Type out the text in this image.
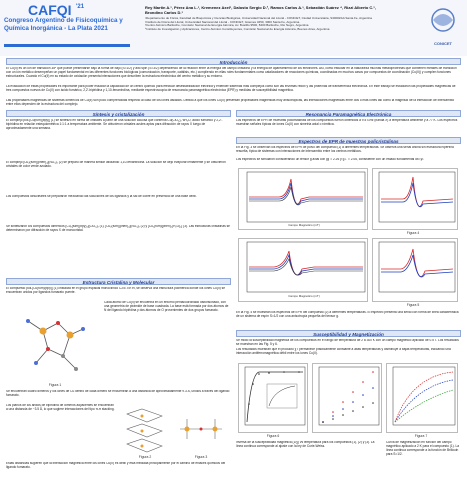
CAFQI '21
Congreso Argentino de Fisicoquímica y
Química Inorgánica - La Plata 2021
Rey Martin A.¹, Pérez Ana L.¹, Kremenez Axel¹, Dalosto Sergio D.², Ramos Carlos A.³, Sebastián Suárez ⁴, Rizzi Alberto C.¹,
Brondino Carlos D.¹
¹Departamento de Física, Facultad de Bioquímica y Ciencias Biológicas, Universidad Nacional del Litoral - CONICET, Ciudad Universitaria, S3000ZAA Santa Fe, Argentina
²Instituto de Física del Litoral, Universidad Nacional del Litoral - CONICET, Güemes 3450, 3000 Santa Fe, Argentina
³Centro Atómico Bariloche, Comisión Nacional de Energía Atómica, Av. Bustillo 9500, 8400 Bariloche, Río Negro, Argentina
⁴Instituto de Investigación y Aplicaciones, Centro Atómico Constituyentes, Comisión Nacional de Energía Atómica, Buenos Aires, Argentina
CONICET
Introducción

El Cu(II) es un ión de transición 3d⁹ que puede presentarse bajo la forma de bajo (S=1/2) y alto spin (S=3/2) dependiendo de la relación entre la energía del campo cristalino y la energía de apareamiento de los electrones. Así, como estudiar en la naturaleza muchas metaloproteínas que contienen metales de transición con un ión metálico desempeñan un papel fundamental en las diferentes funciones biológicas (comunicación, transporte, catálisis, etc.) cumpliendo en ellas roles fundamentales como catalizadores de reacciones químicas, coordinadas en muchos casos por compuestos de coordinación (Cu(II)) y cumplen funciones estructurales. Cuando el Cu(II) en su estado de oxidación presenta interacciones que describen la estructura electrónica del centro metálico y su entorno.

La evaluación de estas propiedades es importante para poder estudiar la capacidad de un centro químico para efectuar desestabilización eléctrica y entender sistemas más complejos como son las enzimas redox y las proteínas de transferencia electrónica. En este trabajo se estudiaron las propiedades magnéticas de tres compuestos nuevos de Cu(II) con ácido fumárico, 2,2'-bipiridina y 1,10-fenantrolina, mediante espectroscopía de resonancia paramagnética electrónica (EPR) y medidas de susceptibilidad magnética.

Las propiedades magnéticas de sistemas diméricos de Cu(II) son poco comprendidas respecto al caso de los iones aislados. Debido a que los iones Cu(II) presentan propiedades magnéticas muy anisotrópicas, las interacciones magnéticas entre dos o más iones así como la magnitud de la interacción de intercambio entre ellos dependen de la estructura del complejo.

Síntesis y cristalización

El complejo poli-[Cu(fum)(bpy)] (1) se sintetizó en forma de cristales a partir de una solución acuosa que contenía Cu(ClO₄)₂·6H₂O, ácido fumárico y 2,2'-bipiridina en relación estequiométrica 1:1:1 a temperatura ambiente. Se obtuvieron cristales azules aptos para difracción de rayos X luego de aproximadamente una semana.

El complejo [Cu₂(fum)(phen)₄](NO₃)₂ (2) se preparó de manera similar utilizando 1,10-fenantrolina. La solución se dejó evaporar lentamente y se obtuvieron cristales de color verde azulado.

Los compuestos dinucleares se prepararon mezclando las soluciones de los ligandos y la sal de cobre en presencia de una base débil.

Se sintetizaron los compuestos diméricos [Cu₂(fum)(bpy)₄](ClO₄)₂ (1), [Cu₂(fum)(phen)₄](NO₃)₂ (2) y [Cu₂(fum)(phen)₂(H₂O)₂] (3). Las estructuras cristalinas se determinaron por difracción de rayos X de monocristal.

Estructura Cristalina y Molecular

El compuesto poli-[Cu(fum)(bpy)] (1) cristaliza en el grupo espacial monoclínico C2/c. En él, se observa una estructura polimérica donde los iones Cu(II) se encuentran unidos por ligandos fumarato puente.

Figura 1

Cada átomo de Cu(II) se encuentra en un entorno pentacoordinado distorsionado, con una geometría de pirámide de base cuadrada. La base está formada por dos átomos de N del ligando bipiridina y dos átomos de O provenientes de dos grupos fumarato.

Se encuentran cuatro dímeros y los iones de Cu dentro de cada dímero se encuentran a una distancia de aproximadamente 9.3 Å, unidos a través del ligando fumarato.

Los planos de los anillos de bipiridina de dímeros adyacentes se encuentran a una distancia de ~3.5 Å, lo que sugiere interacciones del tipo π-π stacking.

Figura 2	Figura 3

Estas distancias sugieren que la interacción magnética entre los iones Cu(II) es débil y está mediada principalmente por el camino de enlaces químicos del ligando fumarato.

Resonancia Paramagnética Electrónica

Los espectros de EPR de muestras policristalinas de los compuestos fueron obtenidos a 9.5 GHz (banda X) a temperatura ambiente y a 77 K. Los espectros muestran señales típicas de iones Cu(II) con simetría axial o rómbica.

Espectros de EPR de muestras policristalinas

En la Fig. 3 se observan los espectros de EPR de polvo del compuesto (1) a diferentes temperaturas. Se observa una señal ancha sin estructura hiperfina resuelta, típica de sistemas con interacciones de intercambio entre los centros metálicos.

Los espectros se simularon considerando un tensor g axial con g∥ = 2.26 y g⊥ = 2.06, consistente con un estado fundamental dx²-y².

Campo Magnético (mT)
Figura 4
Campo Magnético (mT)
Figura 5

En la Fig. 4 se muestran los espectros de EPR del compuesto (2) a diferentes temperaturas. El espectro presenta una señal con forma de línea característica de un sistema de espín S=1/2 con una anisotropía pequeña del tensor g.

Susceptibilidad y Magnetización

Se midió la susceptibilidad magnética de los compuestos en el rango de temperatura de 2 a 300 K con un campo magnético aplicado de 0.5 T. Los resultados se muestran en las Fig. 5 y 6.

Los resultados muestran que el producto χT permanece prácticamente constante a altas temperaturas y disminuye a bajas temperaturas, indicando una interacción antiferromagnética débil entre los iones Cu(II).

Figura 6	Figura 7

Inversa de la susceptibilidad magnética (1/χ) vs temperatura para los compuestos (1), (2) y (3). La línea continua corresponde al ajuste con la ley de Curie-Weiss.

Curva de magnetización en función del campo magnético aplicado a 2 K para el compuesto (1). La línea continua corresponde a la función de Brillouin para S=1/2.
